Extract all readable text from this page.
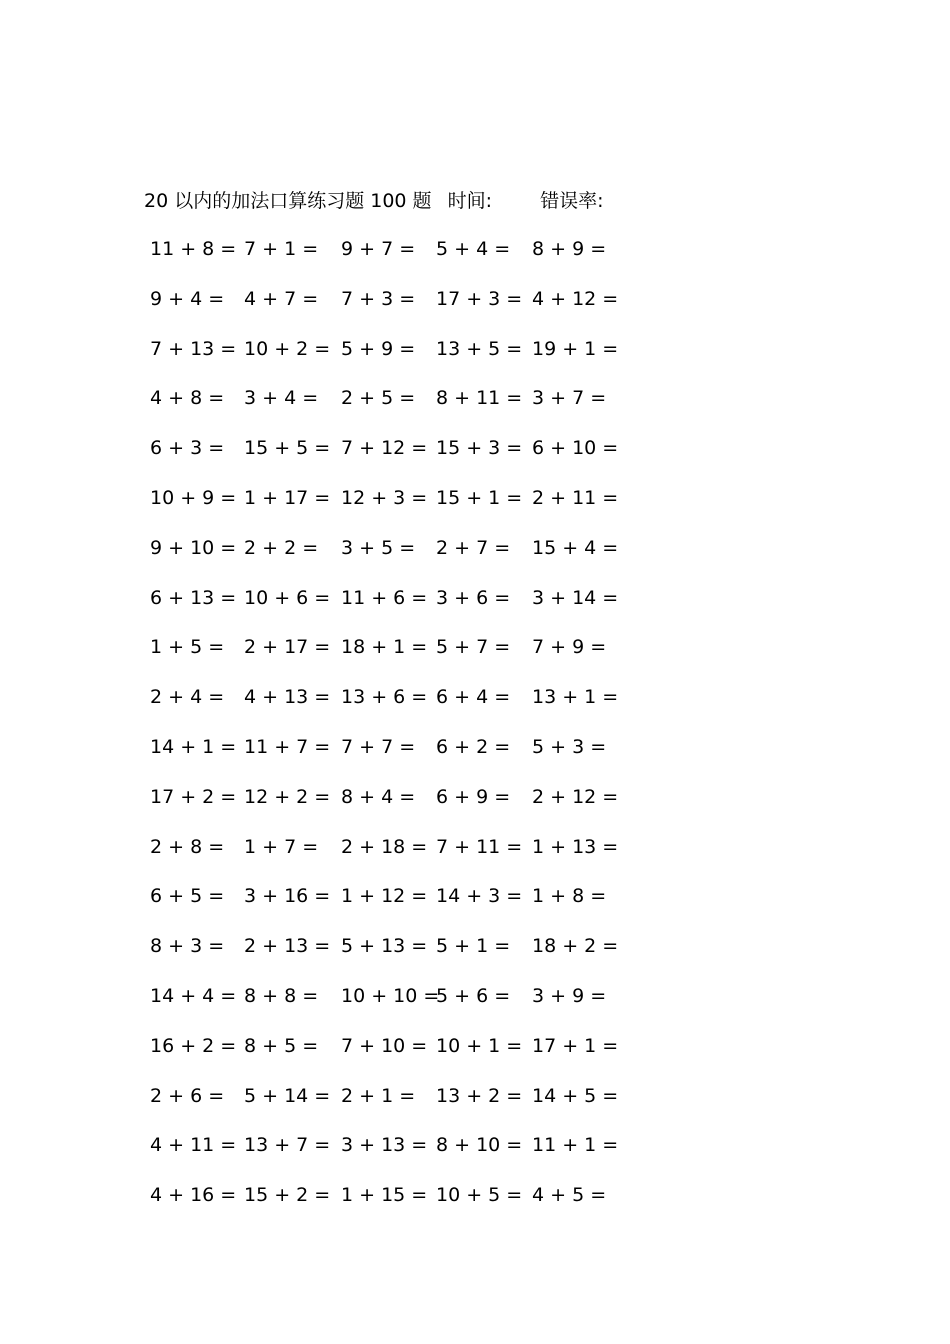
20 以内的加法口算练习题 100 题 时间:	错误率:
11 + 8 = 7 + 1 = 9 + 7 = 5 + 4 = 8 + 9 =
9 + 4 = 4 + 7 = 7 + 3 = 17 + 3 = 4 + 12 =
7 + 13 = 10 + 2 = 5 + 9 = 13 + 5 = 19 + 1 =
4 + 8 = 3 + 4 = 2 + 5 = 8 + 11 = 3 + 7 =
6 + 3 = 15 + 5 = 7 + 12 = 15 + 3 = 6 + 10 =
10 + 9 = 1 + 17 = 12 + 3 = 15 + 1 = 2 + 11 =
9 + 10 = 2 + 2 = 3 + 5 = 2 + 7 = 15 + 4 =
6 + 13 = 10 + 6 = 11 + 6 = 3 + 6 = 3 + 14 =
1 + 5 = 2 + 17 = 18 + 1 = 5 + 7 = 7 + 9 =
2 + 4 = 4 + 13 = 13 + 6 = 6 + 4 = 13 + 1 =
14 + 1 = 11 + 7 = 7 + 7 = 6 + 2 = 5 + 3 =
17 + 2 = 12 + 2 = 8 + 4 = 6 + 9 = 2 + 12 =
2 + 8 = 1 + 7 = 2 + 18 = 7 + 11 = 1 + 13 =
6 + 5 = 3 + 16 = 1 + 12 = 14 + 3 = 1 + 8 =
8 + 3 = 2 + 13 = 5 + 13 = 5 + 1 = 18 + 2 =
14 + 4 = 8 + 8 = 10 + 10 =
5 + 6 = 3 + 9 =
16 + 2 = 8 + 5 = 7 + 10 = 10 + 1 = 17 + 1 =
2 + 6 = 5 + 14 = 2 + 1 = 13 + 2 = 14 + 5 =
4 + 11 = 13 + 7 = 3 + 13 = 8 + 10 = 11 + 1 =
4 + 16 = 15 + 2 = 1 + 15 = 10 + 5 = 4 + 5 =
